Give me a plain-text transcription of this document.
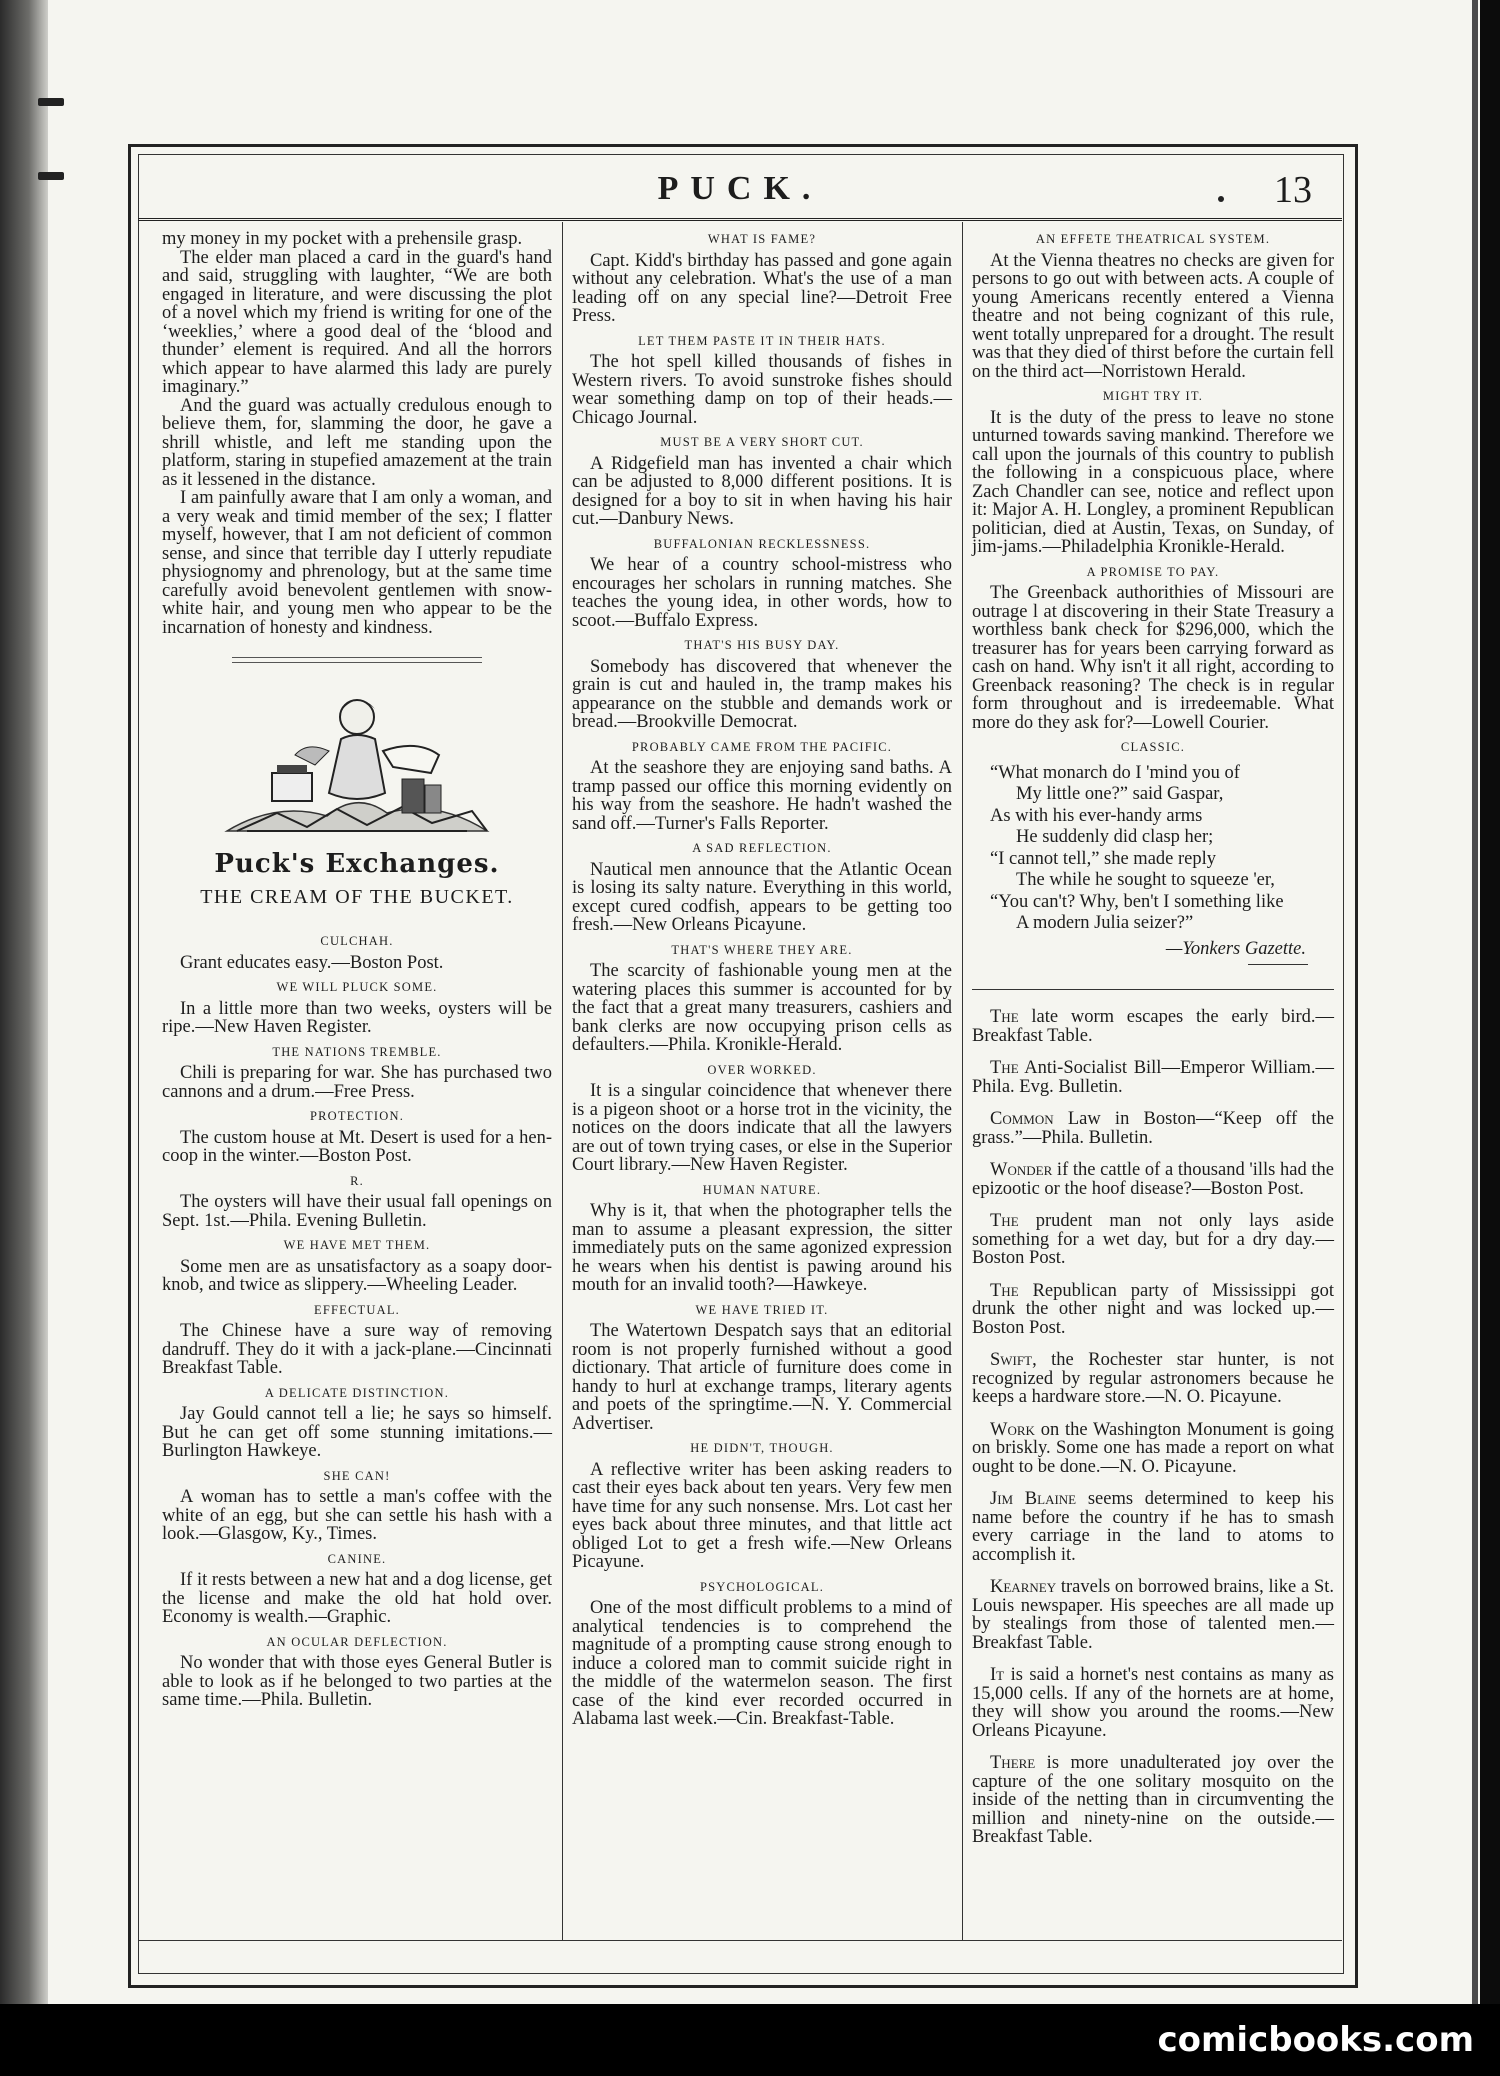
PUCK.	13

my money in my pocket with a prehensile grasp.

The elder man placed a card in the guard's hand and said, struggling with laughter, “We are both engaged in literature, and were discussing the plot of a novel which my friend is writing for one of the ‘weeklies,’ where a good deal of the ‘blood and thunder’ element is required. And all the horrors which appear to have alarmed this lady are purely imaginary.”

And the guard was actually credulous enough to believe them, for, slamming the door, he gave a shrill whistle, and left me standing upon the platform, staring in stupefied amazement at the train as it lessened in the distance.

I am painfully aware that I am only a woman, and a very weak and timid member of the sex; I flatter myself, however, that I am not deficient of common sense, and since that terrible day I utterly repudiate physiognomy and phrenology, but at the same time carefully avoid benevolent gentlemen with snow-white hair, and young men who appear to be the incarnation of honesty and kindness.

Puck's Exchanges.
THE CREAM OF THE BUCKET.
CULCHAH.

Grant educates easy.—Boston Post.

WE WILL PLUCK SOME.

In a little more than two weeks, oysters will be ripe.—New Haven Register.

THE NATIONS TREMBLE.

Chili is preparing for war. She has purchased two cannons and a drum.—Free Press.

PROTECTION.

The custom house at Mt. Desert is used for a hen-coop in the winter.—Boston Post.

R.

The oysters will have their usual fall openings on Sept. 1st.—Phila. Evening Bulletin.

WE HAVE MET THEM.

Some men are as unsatisfactory as a soapy door-knob, and twice as slippery.—Wheeling Leader.

EFFECTUAL.

The Chinese have a sure way of removing dandruff. They do it with a jack-plane.—Cincinnati Breakfast Table.

A DELICATE DISTINCTION.

Jay Gould cannot tell a lie; he says so himself. But he can get off some stunning imitations.—Burlington Hawkeye.

SHE CAN!

A woman has to settle a man's coffee with the white of an egg, but she can settle his hash with a look.—Glasgow, Ky., Times.

CANINE.

If it rests between a new hat and a dog license, get the license and make the old hat hold over. Economy is wealth.—Graphic.

AN OCULAR DEFLECTION.

No wonder that with those eyes General Butler is able to look as if he belonged to two parties at the same time.—Phila. Bulletin.

WHAT IS FAME?

Capt. Kidd's birthday has passed and gone again without any celebration. What's the use of a man leading off on any special line?—Detroit Free Press.

LET THEM PASTE IT IN THEIR HATS.

The hot spell killed thousands of fishes in Western rivers. To avoid sunstroke fishes should wear something damp on top of their heads.—Chicago Journal.

MUST BE A VERY SHORT CUT.

A Ridgefield man has invented a chair which can be adjusted to 8,000 different positions. It is designed for a boy to sit in when having his hair cut.—Danbury News.

BUFFALONIAN RECKLESSNESS.

We hear of a country school-mistress who encourages her scholars in running matches. She teaches the young idea, in other words, how to scoot.—Buffalo Express.

THAT'S HIS BUSY DAY.

Somebody has discovered that whenever the grain is cut and hauled in, the tramp makes his appearance on the stubble and demands work or bread.—Brookville Democrat.

PROBABLY CAME FROM THE PACIFIC.

At the seashore they are enjoying sand baths. A tramp passed our office this morning evidently on his way from the seashore. He hadn't washed the sand off.—Turner's Falls Reporter.

A SAD REFLECTION.

Nautical men announce that the Atlantic Ocean is losing its salty nature. Everything in this world, except cured codfish, appears to be getting too fresh.—New Orleans Picayune.

THAT'S WHERE THEY ARE.

The scarcity of fashionable young men at the watering places this summer is accounted for by the fact that a great many treasurers, cashiers and bank clerks are now occupying prison cells as defaulters.—Phila. Kronikle-Herald.

OVER WORKED.

It is a singular coincidence that whenever there is a pigeon shoot or a horse trot in the vicinity, the notices on the doors indicate that all the lawyers are out of town trying cases, or else in the Superior Court library.—New Haven Register.

HUMAN NATURE.

Why is it, that when the photographer tells the man to assume a pleasant expression, the sitter immediately puts on the same agonized expression he wears when his dentist is pawing around his mouth for an invalid tooth?—Hawkeye.

WE HAVE TRIED IT.

The Watertown Despatch says that an editorial room is not properly furnished without a good dictionary. That article of furniture does come in handy to hurl at exchange tramps, literary agents and poets of the springtime.—N. Y. Commercial Advertiser.

HE DIDN'T, THOUGH.

A reflective writer has been asking readers to cast their eyes back about ten years. Very few men have time for any such nonsense. Mrs. Lot cast her eyes back about three minutes, and that little act obliged Lot to get a fresh wife.—New Orleans Picayune.

PSYCHOLOGICAL.

One of the most difficult problems to a mind of analytical tendencies is to comprehend the magnitude of a prompting cause strong enough to induce a colored man to commit suicide right in the middle of the watermelon season. The first case of the kind ever recorded occurred in Alabama last week.—Cin. Breakfast-Table.

AN EFFETE THEATRICAL SYSTEM.

At the Vienna theatres no checks are given for persons to go out with between acts. A couple of young Americans recently entered a Vienna theatre and not being cognizant of this rule, went totally unprepared for a drought. The result was that they died of thirst before the curtain fell on the third act—Norristown Herald.

MIGHT TRY IT.

It is the duty of the press to leave no stone unturned towards saving mankind. Therefore we call upon the journals of this country to publish the following in a conspicuous place, where Zach Chandler can see, notice and reflect upon it: Major A. H. Longley, a prominent Republican politician, died at Austin, Texas, on Sunday, of jim-jams.—Philadelphia Kronikle-Herald.

A PROMISE TO PAY.

The Greenback authorithies of Missouri are outrage l at discovering in their State Treasury a worthless bank check for $296,000, which the treasurer has for years been carrying forward as cash on hand. Why isn't it all right, according to Greenback reasoning? The check is in regular form throughout and is irredeemable. What more do they ask for?—Lowell Courier.

CLASSIC.
“What monarch do I 'mind you of
My little one?” said Gaspar,
As with his ever-handy arms
He suddenly did clasp her;
“I cannot tell,” she made reply
The while he sought to squeeze 'er,
“You can't? Why, ben't I something like
A modern Julia seizer?”
—Yonkers Gazette.

The late worm escapes the early bird.—Breakfast Table.

The Anti-Socialist Bill—Emperor William.—Phila. Evg. Bulletin.

Common Law in Boston—“Keep off the grass.”—Phila. Bulletin.

Wonder if the cattle of a thousand 'ills had the epizootic or the hoof disease?—Boston Post.

The prudent man not only lays aside something for a wet day, but for a dry day.—Boston Post.

The Republican party of Mississippi got drunk the other night and was locked up.—Boston Post.

Swift, the Rochester star hunter, is not recognized by regular astronomers because he keeps a hardware store.—N. O. Picayune.

Work on the Washington Monument is going on briskly. Some one has made a report on what ought to be done.—N. O. Picayune.

Jim Blaine seems determined to keep his name before the country if he has to smash every carriage in the land to atoms to accomplish it.

Kearney travels on borrowed brains, like a St. Louis newspaper. His speeches are all made up by stealings from those of talented men.—Breakfast Table.

It is said a hornet's nest contains as many as 15,000 cells. If any of the hornets are at home, they will show you around the rooms.—New Orleans Picayune.

There is more unadulterated joy over the capture of the one solitary mosquito on the inside of the netting than in circumventing the million and ninety-nine on the outside.—Breakfast Table.

comicbooks.com
